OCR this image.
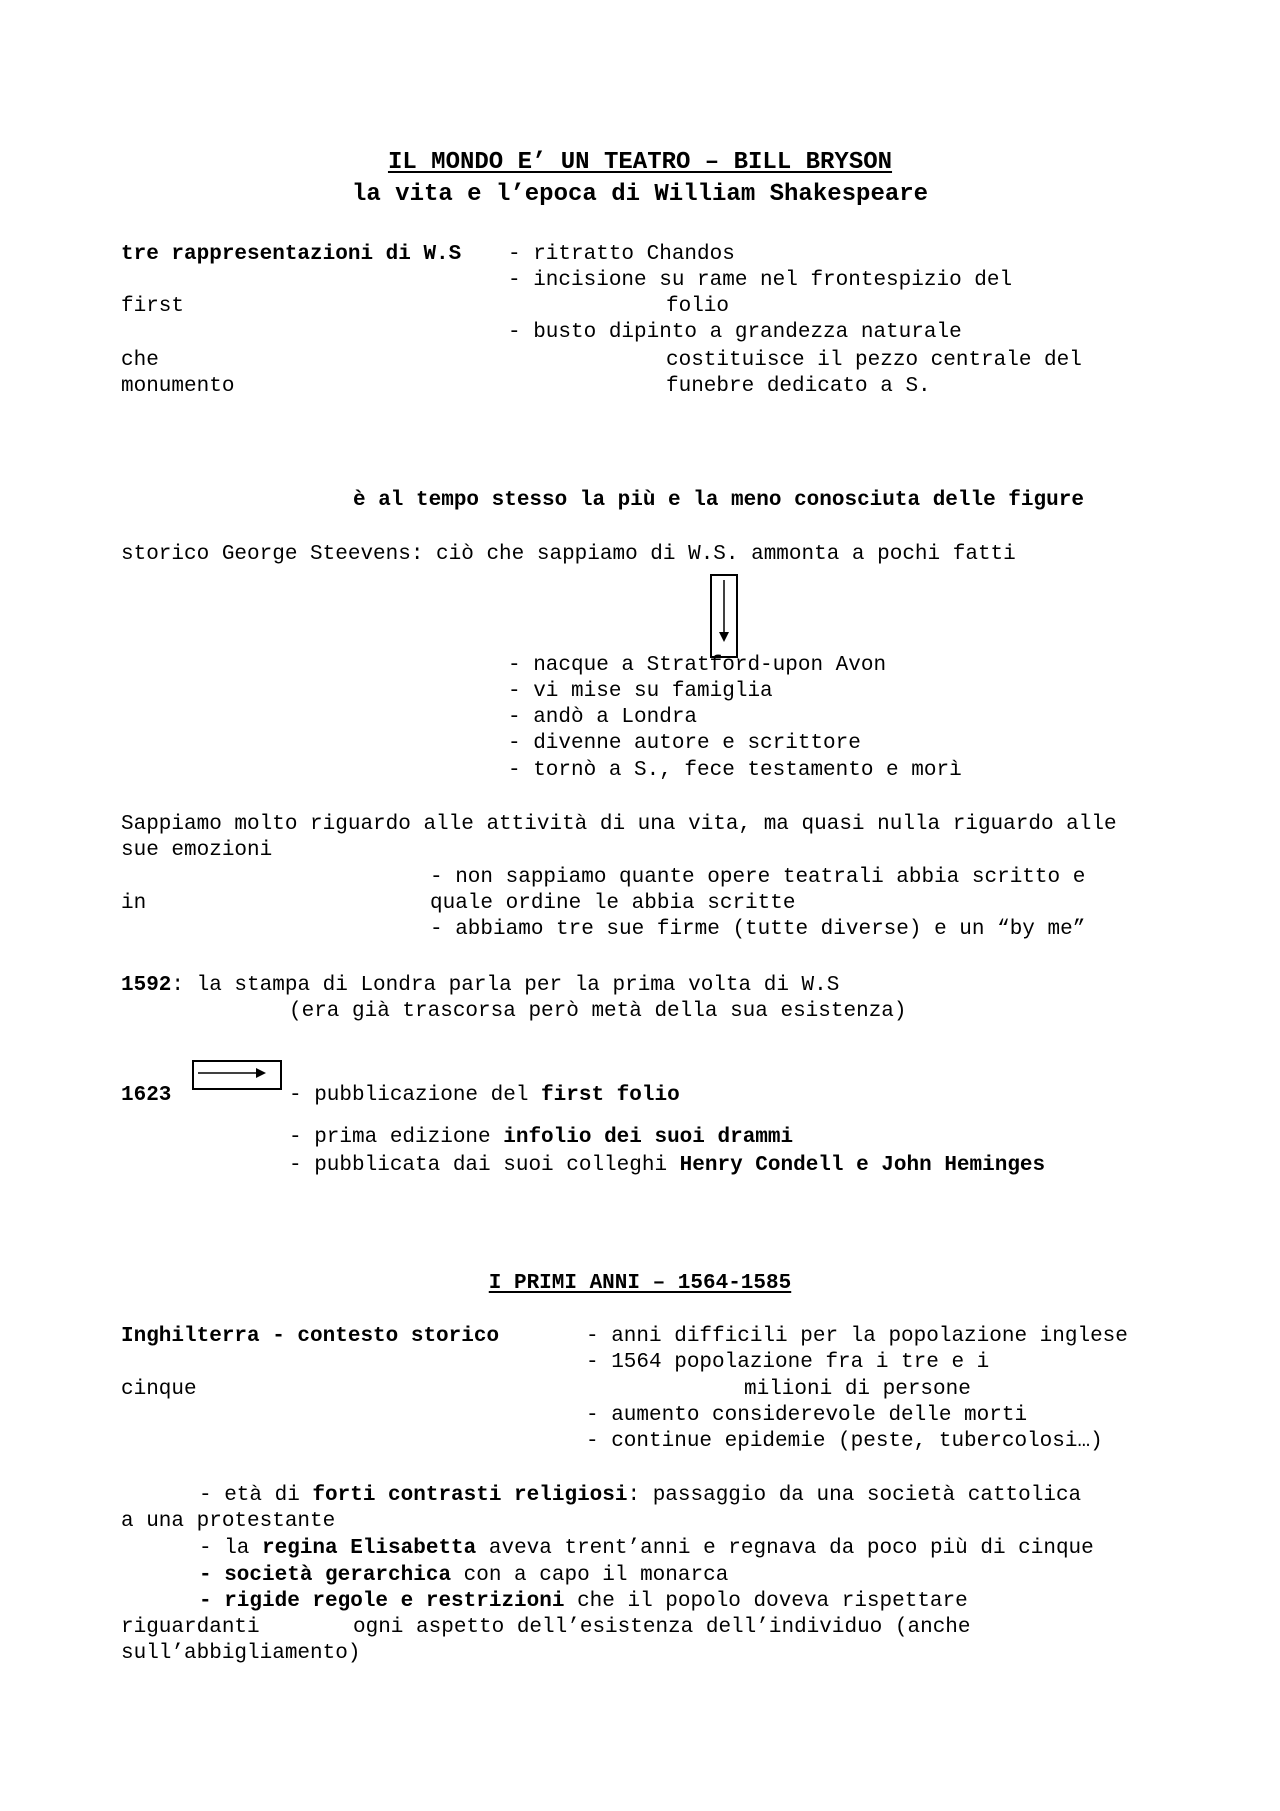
IL MONDO E’ UN TEATRO – BILL BRYSON
la vita e l’epoca di William Shakespeare
tre rappresentazioni di W.S - ritratto Chandos
- incisione su rame nel frontespizio del
first	folio
- busto dipinto a grandezza naturale
che	costituisce il pezzo centrale del
monumento	funebre dedicato a S.
è al tempo stesso la più e la meno conosciuta delle figure
storico George Steevens: ciò che sappiamo di W.S. ammonta a pochi fatti
- nacque a Stratford-upon Avon
- vi mise su famiglia
- andò a Londra
- divenne autore e scrittore
- tornò a S., fece testamento e morì
Sappiamo molto riguardo alle attività di una vita, ma quasi nulla riguardo alle
sue emozioni
- non sappiamo quante opere teatrali abbia scritto e
in	quale ordine le abbia scritte
- abbiamo tre sue firme (tutte diverse) e un “by me”
1592: la stampa di Londra parla per la prima volta di W.S
(era già trascorsa però metà della sua esistenza)
1623	- pubblicazione del first folio
- prima edizione infolio dei suoi drammi
- pubblicata dai suoi colleghi Henry Condell e John Heminges
I PRIMI ANNI – 1564-1585
Inghilterra - contesto storico	- anni difficili per la popolazione inglese
- 1564 popolazione fra i tre e i
cinque	milioni di persone
- aumento considerevole delle morti
- continue epidemie (peste, tubercolosi…)
- età di forti contrasti religiosi: passaggio da una società cattolica
a una protestante
- la regina Elisabetta aveva trent’anni e regnava da poco più di cinque
- società gerarchica con a capo il monarca
- rigide regole e restrizioni che il popolo doveva rispettare
riguardanti	ogni aspetto dell’esistenza dell’individuo (anche
sull’abbigliamento)
